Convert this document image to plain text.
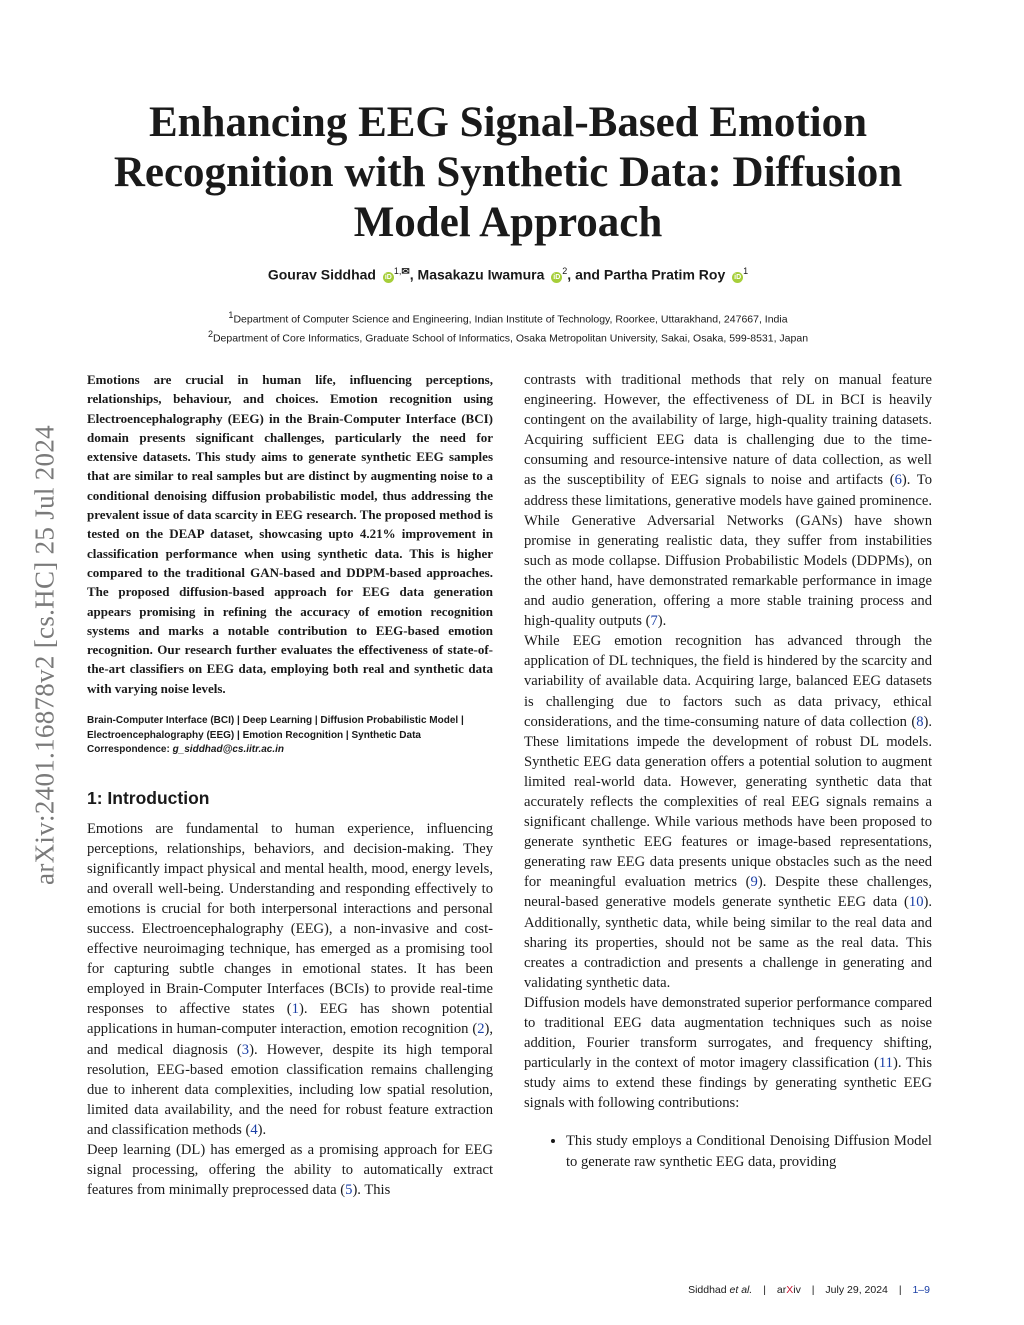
Enhancing EEG Signal-Based Emotion Recognition with Synthetic Data: Diffusion Model Approach
Gourav Siddhad $iD^{1,✉}$, Masakazu Iwamura $iD^2$, and Partha Pratim Roy $iD^1$
$^1$Department of Computer Science and Engineering, Indian Institute of Technology, Roorkee, Uttarakhand, 247667, India
$^2$Department of Core Informatics, Graduate School of Informatics, Osaka Metropolitan University, Sakai, Osaka, 599-8531, Japan
arXiv:2401.16878v2 [cs.HC] 25 Jul 2024

Emotions are crucial in human life, influencing perceptions, relationships, behaviour, and choices. Emotion recognition using Electroencephalography (EEG) in the Brain-Computer Interface (BCI) domain presents significant challenges, particularly the need for extensive datasets. This study aims to generate synthetic EEG samples that are similar to real samples but are distinct by augmenting noise to a conditional denoising diffusion probabilistic model, thus addressing the prevalent issue of data scarcity in EEG research. The proposed method is tested on the DEAP dataset, showcasing upto 4.21% improvement in classification performance when using synthetic data. This is higher compared to the traditional GAN-based and DDPM-based approaches. The proposed diffusion-based approach for EEG data generation appears promising in refining the accuracy of emotion recognition systems and marks a notable contribution to EEG-based emotion recognition. Our research further evaluates the effectiveness of state-of-the-art classifiers on EEG data, employing both real and synthetic data with varying noise levels.

Brain-Computer Interface (BCI) | Deep Learning | Diffusion Probabilistic Model | Electroencephalography (EEG) | Emotion Recognition | Synthetic Data

Correspondence: g_siddhad@cs.iitr.ac.in

1: Introduction

Emotions are fundamental to human experience, influencing perceptions, relationships, behaviors, and decision-making. They significantly impact physical and mental health, mood, energy levels, and overall well-being. Understanding and responding effectively to emotions is crucial for both interpersonal interactions and personal success. Electroencephalography (EEG), a non-invasive and cost-effective neuroimaging technique, has emerged as a promising tool for capturing subtle changes in emotional states. It has been employed in Brain-Computer Interfaces (BCIs) to provide real-time responses to affective states (1). EEG has shown potential applications in human-computer interaction, emotion recognition (2), and medical diagnosis (3). However, despite its high temporal resolution, EEG-based emotion classification remains challenging due to inherent data complexities, including low spatial resolution, limited data availability, and the need for robust feature extraction and classification methods (4).

Deep learning (DL) has emerged as a promising approach for EEG signal processing, offering the ability to automatically extract features from minimally preprocessed data (5). This

contrasts with traditional methods that rely on manual feature engineering. However, the effectiveness of DL in BCI is heavily contingent on the availability of large, high-quality training datasets. Acquiring sufficient EEG data is challenging due to the time-consuming and resource-intensive nature of data collection, as well as the susceptibility of EEG signals to noise and artifacts (6). To address these limitations, generative models have gained prominence. While Generative Adversarial Networks (GANs) have shown promise in generating realistic data, they suffer from instabilities such as mode collapse. Diffusion Probabilistic Models (DDPMs), on the other hand, have demonstrated remarkable performance in image and audio generation, offering a more stable training process and high-quality outputs (7).

While EEG emotion recognition has advanced through the application of DL techniques, the field is hindered by the scarcity and variability of available data. Acquiring large, balanced EEG datasets is challenging due to factors such as data privacy, ethical considerations, and the time-consuming nature of data collection (8). These limitations impede the development of robust DL models. Synthetic EEG data generation offers a potential solution to augment limited real-world data. However, generating synthetic data that accurately reflects the complexities of real EEG signals remains a significant challenge. While various methods have been proposed to generate synthetic EEG features or image-based representations, generating raw EEG data presents unique obstacles such as the need for meaningful evaluation metrics (9). Despite these challenges, neural-based generative models generate synthetic EEG data (10). Additionally, synthetic data, while being similar to the real data and sharing its properties, should not be same as the real data. This creates a contradiction and presents a challenge in generating and validating synthetic data.

Diffusion models have demonstrated superior performance compared to traditional EEG data augmentation techniques such as noise addition, Fourier transform surrogates, and frequency shifting, particularly in the context of motor imagery classification (11). This study aims to extend these findings by generating synthetic EEG signals with following contributions:

• This study employs a Conditional Denoising Diffusion Model to generate raw synthetic EEG data, providing
Siddhad et al. | arXiv | July 29, 2024 | 1–9
